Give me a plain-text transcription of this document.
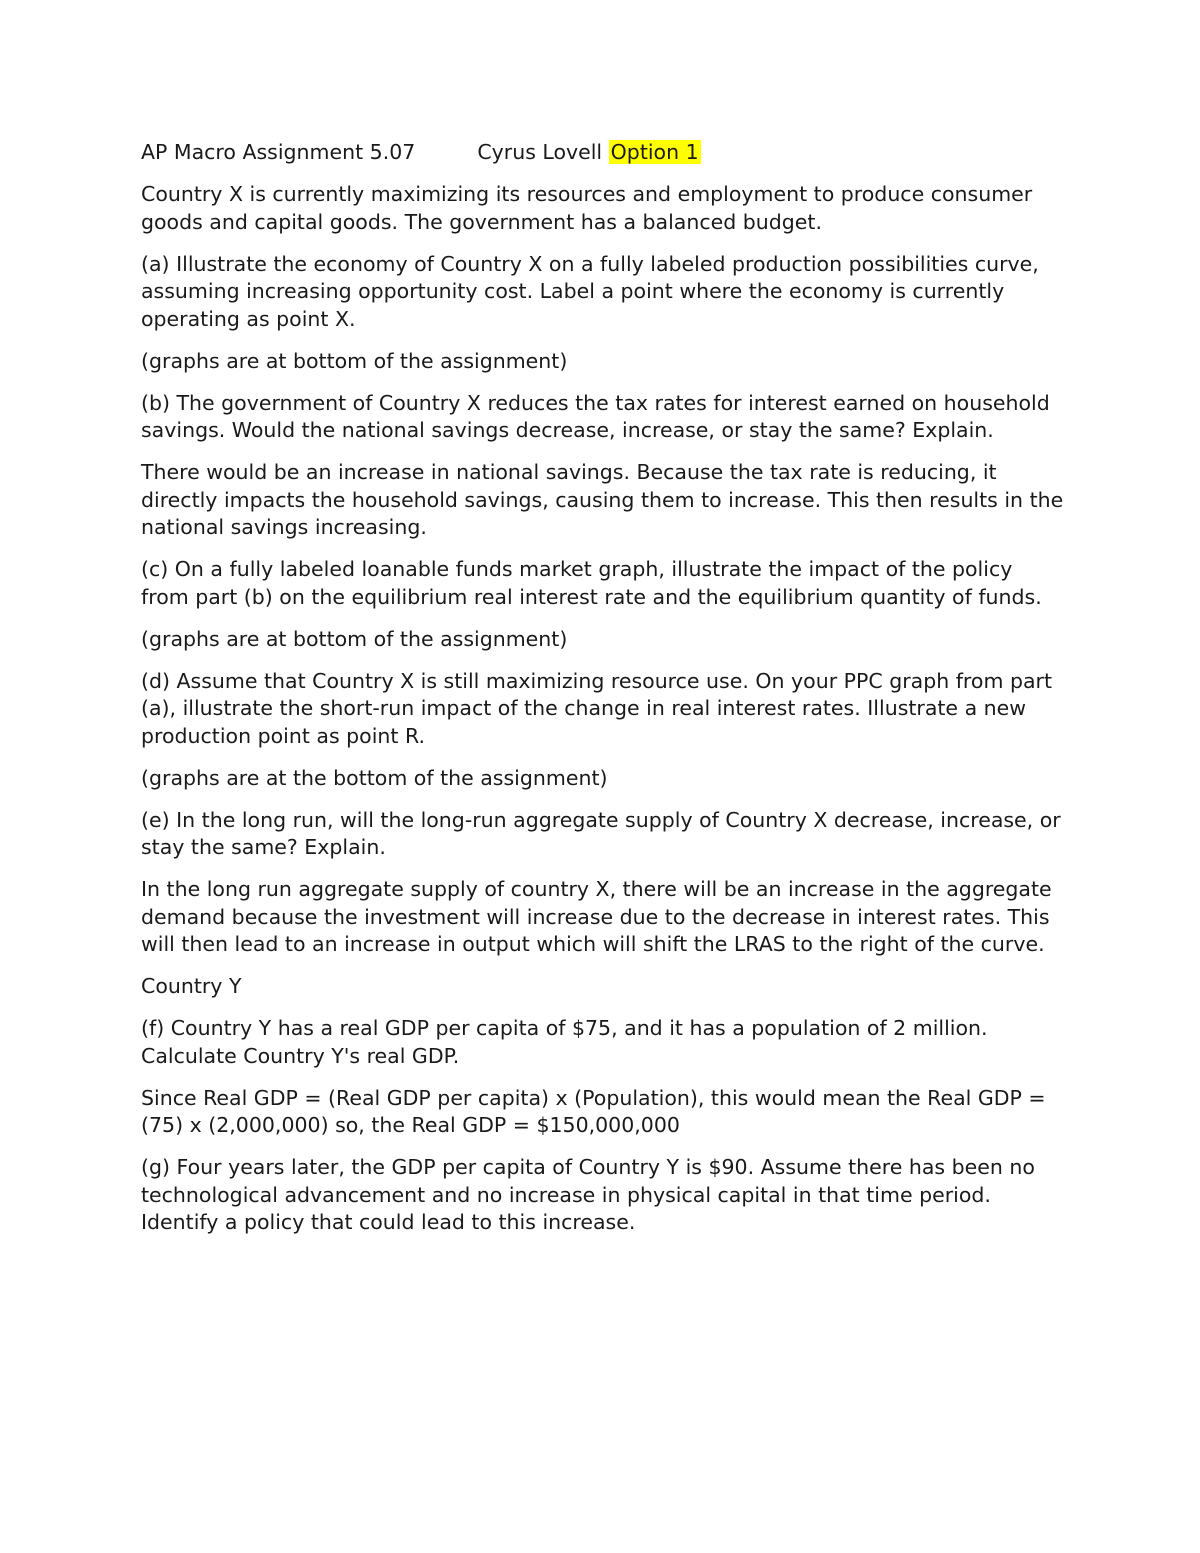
AP Macro Assignment 5.07	Cyrus Lovell Option 1

Country X is currently maximizing its resources and employment to produce consumer goods and capital goods. The government has a balanced budget.

(a) Illustrate the economy of Country X on a fully labeled production possibilities curve, assuming increasing opportunity cost. Label a point where the economy is currently operating as point X.

(graphs are at bottom of the assignment)

(b) The government of Country X reduces the tax rates for interest earned on household savings. Would the national savings decrease, increase, or stay the same? Explain.

There would be an increase in national savings. Because the tax rate is reducing, it directly impacts the household savings, causing them to increase. This then results in the national savings increasing.

(c) On a fully labeled loanable funds market graph, illustrate the impact of the policy from part (b) on the equilibrium real interest rate and the equilibrium quantity of funds.

(graphs are at bottom of the assignment)

(d) Assume that Country X is still maximizing resource use. On your PPC graph from part (a), illustrate the short-run impact of the change in real interest rates. Illustrate a new production point as point R.

(graphs are at the bottom of the assignment)

(e) In the long run, will the long-run aggregate supply of Country X decrease, increase, or stay the same? Explain.

In the long run aggregate supply of country X, there will be an increase in the aggregate demand because the investment will increase due to the decrease in interest rates. This will then lead to an increase in output which will shift the LRAS to the right of the curve.

Country Y

(f) Country Y has a real GDP per capita of $75, and it has a population of 2 million. Calculate Country Y's real GDP.

Since Real GDP = (Real GDP per capita) x (Population), this would mean the Real GDP = (75) x (2,000,000) so, the Real GDP = $150,000,000

(g) Four years later, the GDP per capita of Country Y is $90. Assume there has been no technological advancement and no increase in physical capital in that time period. Identify a policy that could lead to this increase.
